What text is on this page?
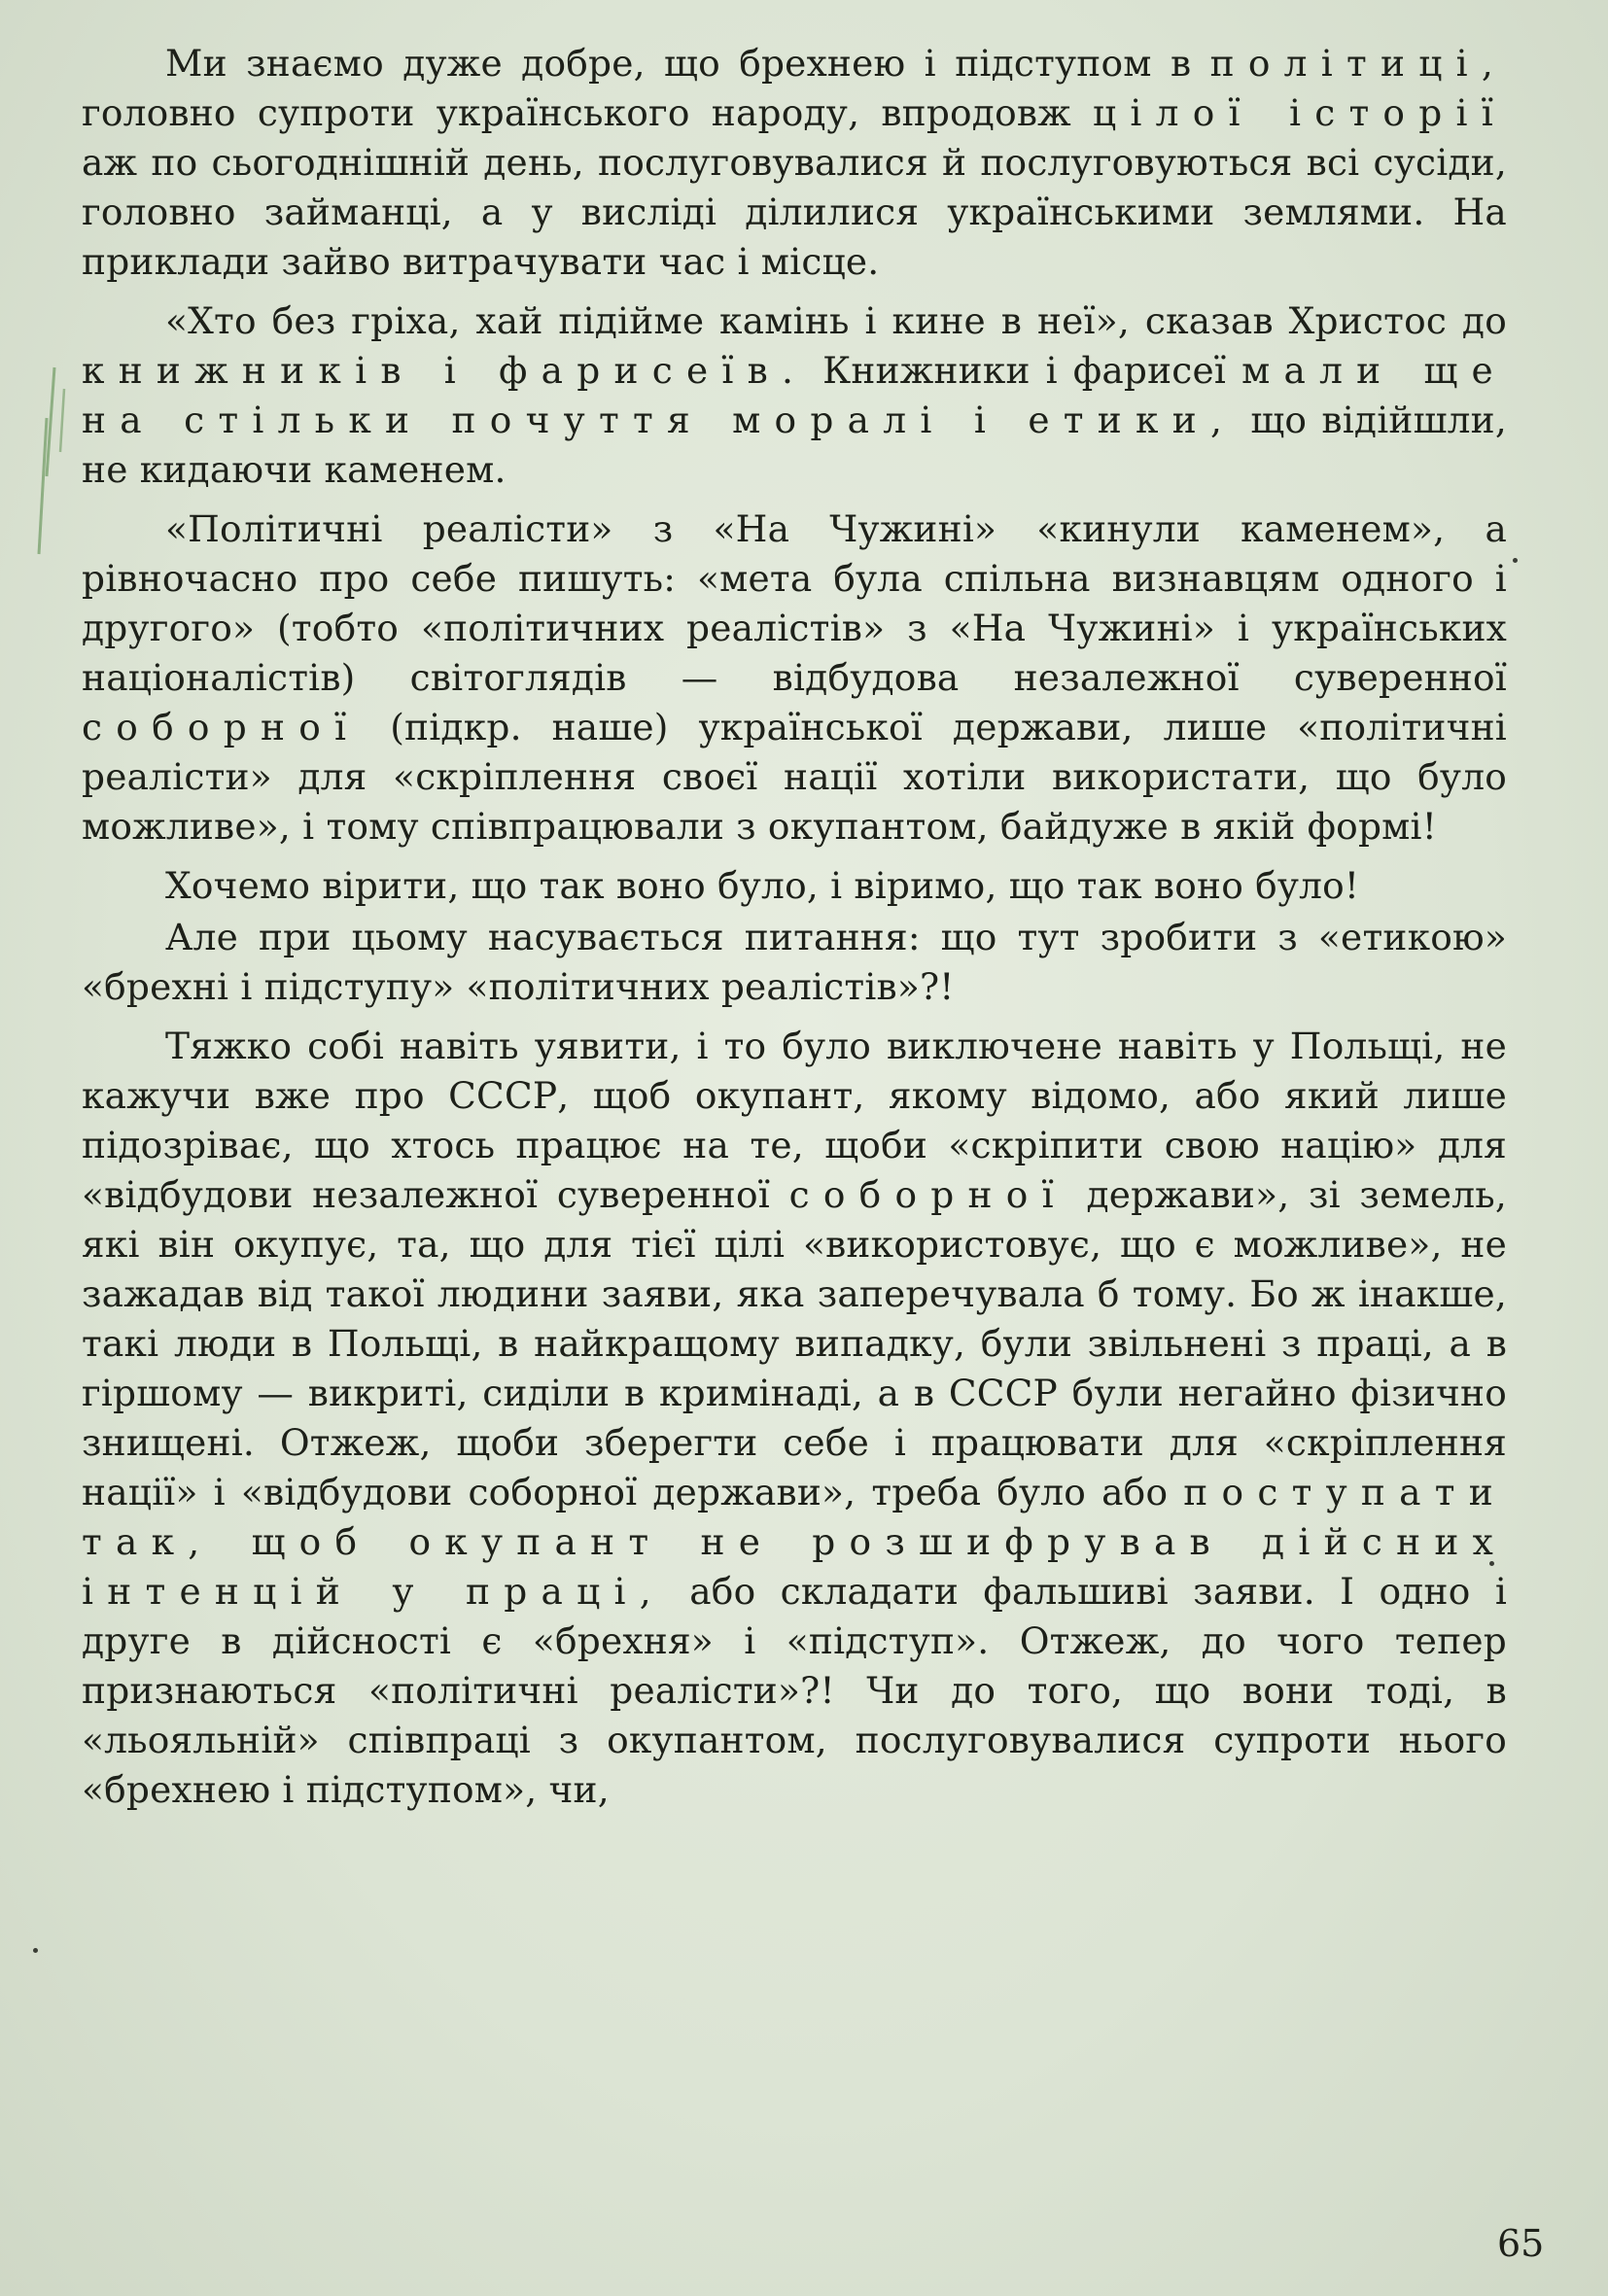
Ми знаємо дуже добре, що брехнею і підступом в політиці, головно супроти українського народу, впродовж цілої історії аж по сьогоднішній день, послуговувалися й послуговуються всі сусіди, головно займанці, а у висліді ділилися українськими землями. На приклади зайво витрачувати час і місце.

«Хто без гріха, хай підійме камінь і кине в неї», сказав Христос до книжників і фарисеїв. Книжники і фарисеї мали ще на стільки почуття моралі і етики, що відійшли, не кидаючи каменем.

«Політичні реалісти» з «На Чужині» «кинули каменем», а рівночасно про себе пишуть: «мета була спільна визнавцям одного і другого» (тобто «політичних реалістів» з «На Чужині» і українських націоналістів) світоглядів — відбудова незалежної суверенної соборної (підкр. наше) української держави, лише «політичні реалісти» для «скріплення своєї нації хотіли використати, що було можливе», і тому співпрацювали з окупантом, байдуже в якій формі!

Хочемо вірити, що так воно було, і віримо, що так воно було!

Але при цьому насувається питання: що тут зробити з «етикою» «брехні і підступу» «політичних реалістів»?!

Тяжко собі навіть уявити, і то було виключене навіть у Польщі, не кажучи вже про СССР, щоб окупант, якому відомо, або який лише підозріває, що хтось працює на те, щоби «скріпити свою націю» для «відбудови незалежної суверенної соборної держави», зі земель, які він окупує, та, що для тієї цілі «використовує, що є можливе», не зажадав від такої людини заяви, яка заперечувала б тому. Бо ж інакше, такі люди в Польщі, в найкращому випадку, були звільнені з праці, а в гіршому — викриті, сиділи в кримінаді, а в СССР були негайно фізично знищені. Отжеж, щоби зберегти себе і працювати для «скріплення нації» і «відбудови соборної держави», треба було або поступати так, щоб окупант не розшифрував дійсних інтенцій у праці, або складати фальшиві заяви. І одно і друге в дійсності є «брехня» і «підступ». Отжеж, до чого тепер признаються «політичні реалісти»?! Чи до того, що вони тоді, в «льояльній» співпраці з окупантом, послуговувалися супроти нього «брехнею і підступом», чи,

65
